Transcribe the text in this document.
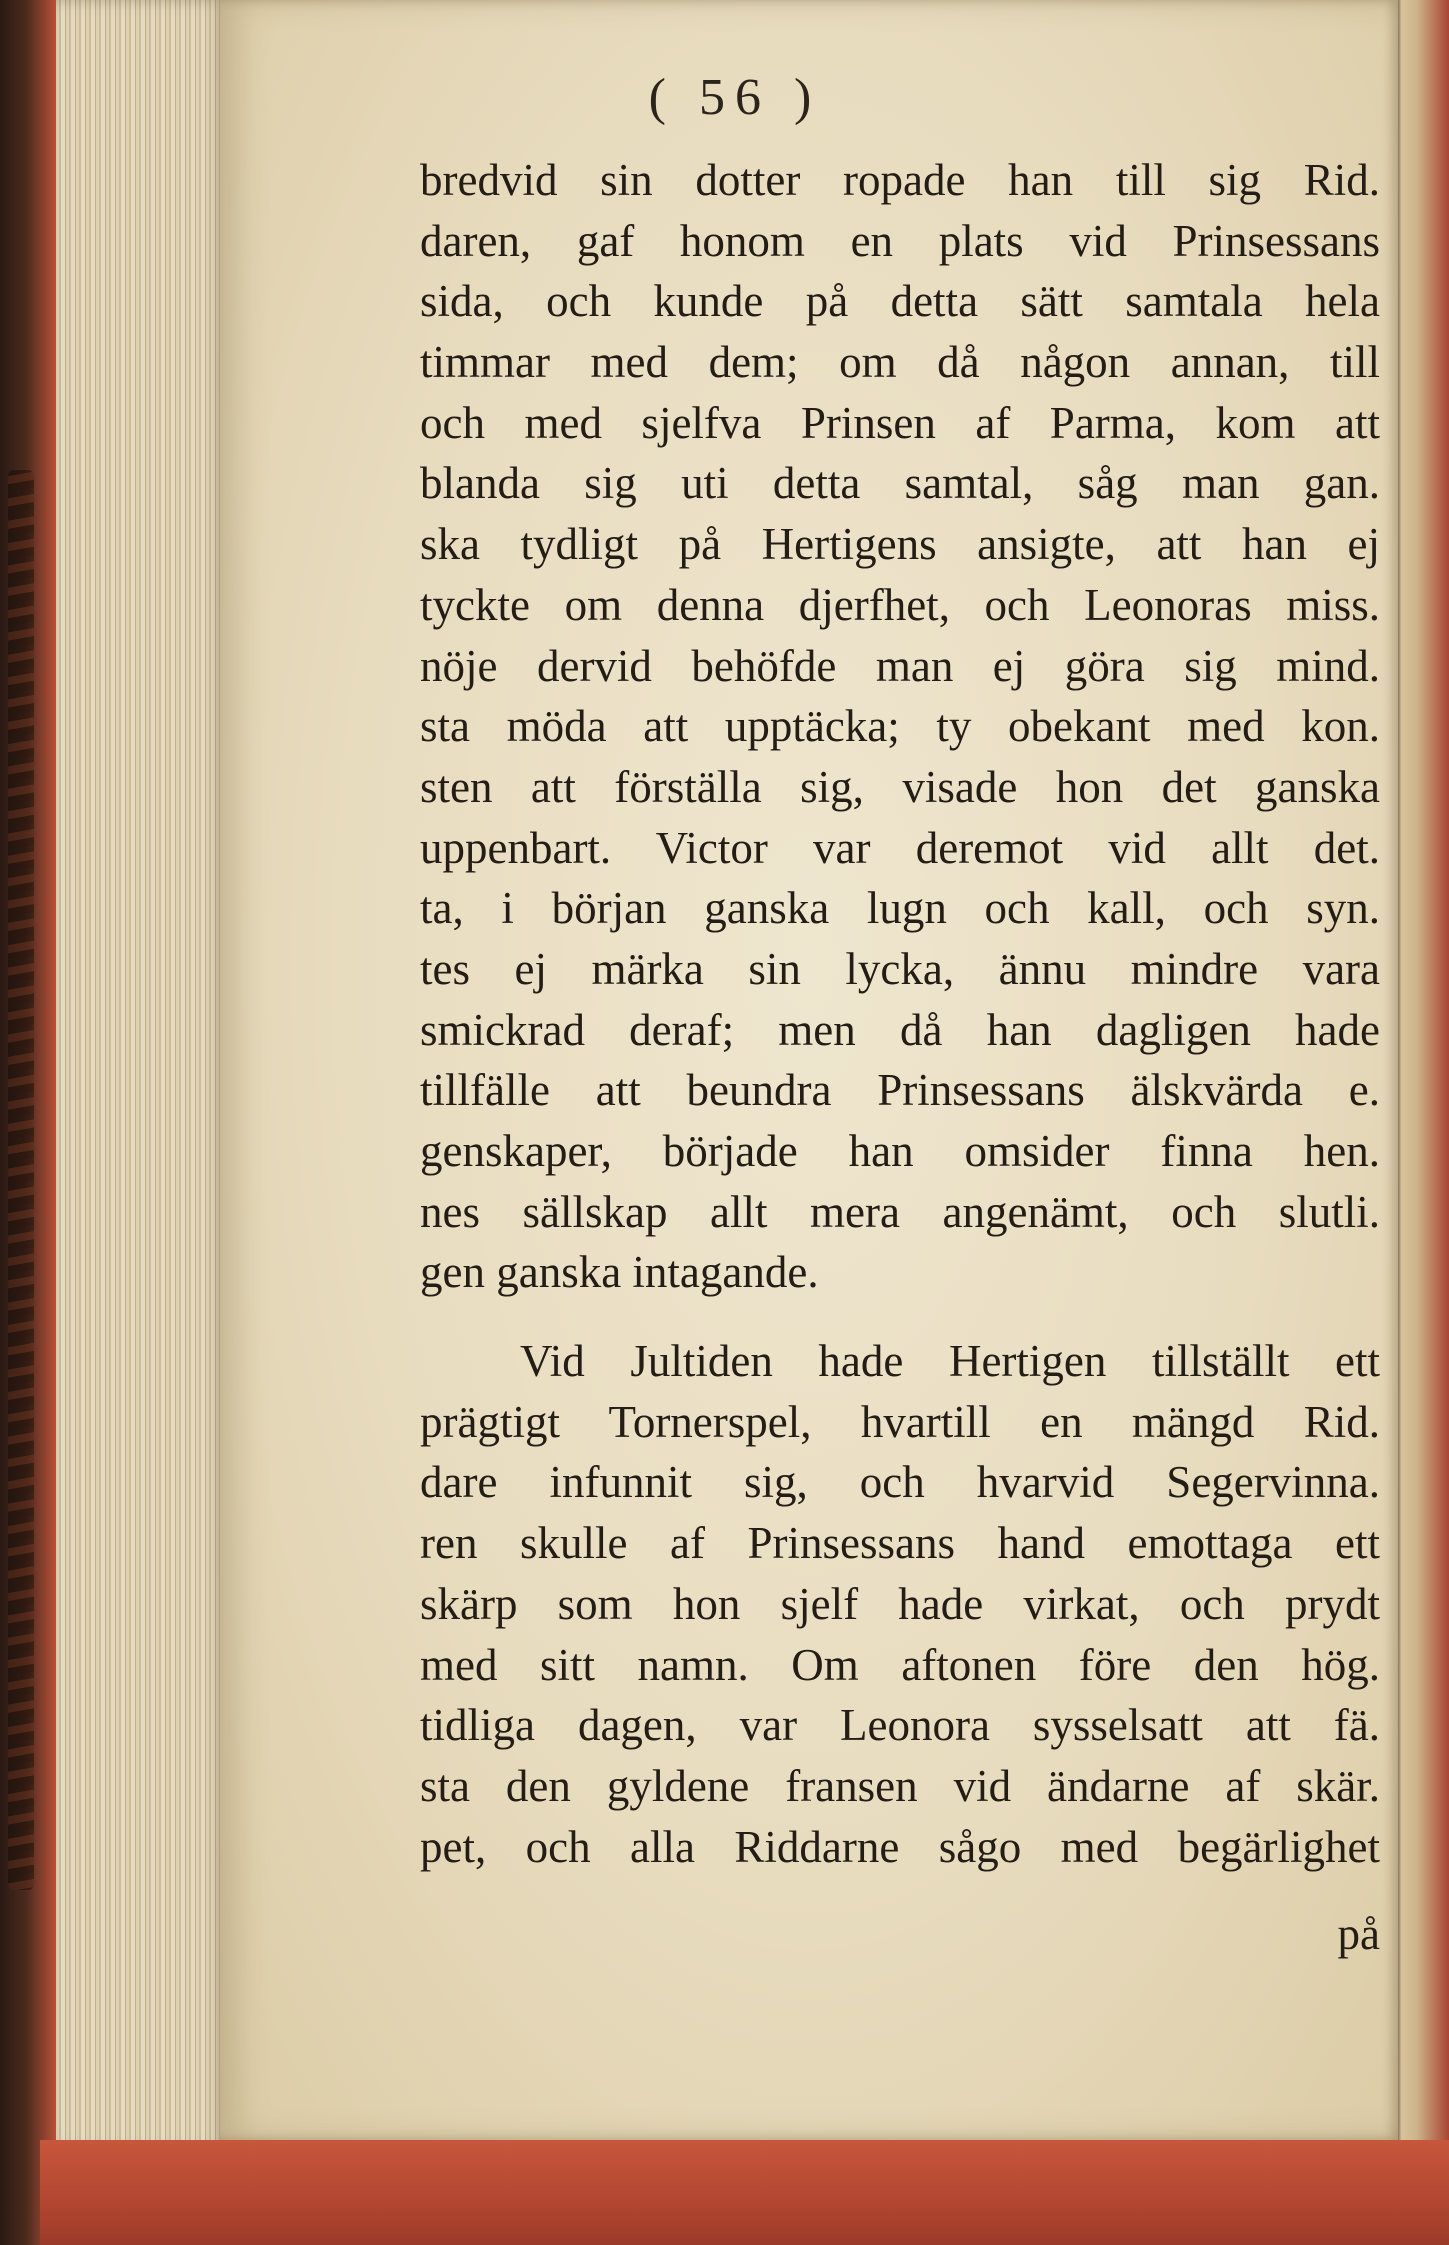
( 56 )
bredvid sin dotter ropade han till sig Rid.
daren, gaf honom en plats vid Prinsessans
sida, och kunde på detta sätt samtala hela
timmar med dem; om då någon annan, till
och med sjelfva Prinsen af Parma, kom att
blanda sig uti detta samtal, såg man gan.
ska tydligt på Hertigens ansigte, att han ej
tyckte om denna djerfhet, och Leonoras miss.
nöje dervid behöfde man ej göra sig mind.
sta möda att upptäcka; ty obekant med kon.
sten att förställa sig, visade hon det ganska
uppenbart. Victor var deremot vid allt det.
ta, i början ganska lugn och kall, och syn.
tes ej märka sin lycka, ännu mindre vara
smickrad deraf; men då han dagligen hade
tillfälle att beundra Prinsessans älskvärda e.
genskaper, började han omsider finna hen.
nes sällskap allt mera angenämt, och slutli.
gen ganska intagande.
Vid Jultiden hade Hertigen tillställt ett
prägtigt Tornerspel, hvartill en mängd Rid.
dare infunnit sig, och hvarvid Segervinna.
ren skulle af Prinsessans hand emottaga ett
skärp som hon sjelf hade virkat, och prydt
med sitt namn. Om aftonen före den hög.
tidliga dagen, var Leonora sysselsatt att fä.
sta den gyldene fransen vid ändarne af skär.
pet, och alla Riddarne sågo med begärlighet
på
